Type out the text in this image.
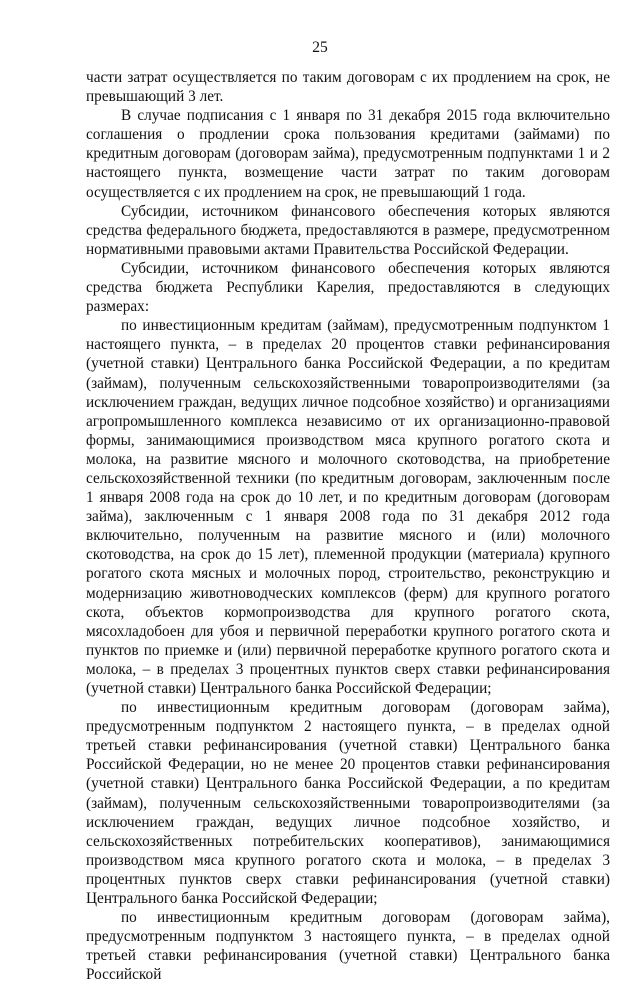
25

части затрат осуществляется по таким договорам с их продлением на срок, не превышающий 3 лет.

В случае подписания с 1 января по 31 декабря 2015 года включительно соглашения о продлении срока пользования кредитами (займами) по кредитным договорам (договорам займа), предусмотренным подпунктами 1 и 2 настоящего пункта, возмещение части затрат по таким договорам осуществляется с их продлением на срок, не превышающий 1 года.

Субсидии, источником финансового обеспечения которых являются средства федерального бюджета, предоставляются в размере, предусмотренном нормативными правовыми актами Правительства Российской Федерации.

Субсидии, источником финансового обеспечения которых являются средства бюджета Республики Карелия, предоставляются в следующих размерах:

по инвестиционным кредитам (займам), предусмотренным подпунктом 1 настоящего пункта, – в пределах 20 процентов ставки рефинансирования (учетной ставки) Центрального банка Российской Федерации, а по кредитам (займам), полученным сельскохозяйственными товаропроизводителями (за исключением граждан, ведущих личное подсобное хозяйство) и организациями агропромышленного комплекса независимо от их организационно-правовой формы, занимающимися производством мяса крупного рогатого скота и молока, на развитие мясного и молочного скотоводства, на приобретение сельскохозяйственной техники (по кредитным договорам, заключенным после 1 января 2008 года на срок до 10 лет, и по кредитным договорам (договорам займа), заключенным с 1 января 2008 года по 31 декабря 2012 года включительно, полученным на развитие мясного и (или) молочного скотоводства, на срок до 15 лет), племенной продукции (материала) крупного рогатого скота мясных и молочных пород, строительство, реконструкцию и модернизацию животноводческих комплексов (ферм) для крупного рогатого скота, объектов кормопроизводства для крупного рогатого скота, мясохладобоен для убоя и первичной переработки крупного рогатого скота и пунктов по приемке и (или) первичной переработке крупного рогатого скота и молока, – в пределах 3 процентных пунктов сверх ставки рефинансирования (учетной ставки) Центрального банка Российской Федерации;

по инвестиционным кредитным договорам (договорам займа), предусмотренным подпунктом 2 настоящего пункта, – в пределах одной третьей ставки рефинансирования (учетной ставки) Центрального банка Российской Федерации, но не менее 20 процентов ставки рефинансирования (учетной ставки) Центрального банка Российской Федерации, а по кредитам (займам), полученным сельскохозяйственными товаропроизводителями (за исключением граждан, ведущих личное подсобное хозяйство, и сельскохозяйственных потребительских кооперативов), занимающимися производством мяса крупного рогатого скота и молока, – в пределах 3 процентных пунктов сверх ставки рефинансирования (учетной ставки) Центрального банка Российской Федерации;

по инвестиционным кредитным договорам (договорам займа), предусмотренным подпунктом 3 настоящего пункта, – в пределах одной третьей ставки рефинансирования (учетной ставки) Центрального банка Российской
